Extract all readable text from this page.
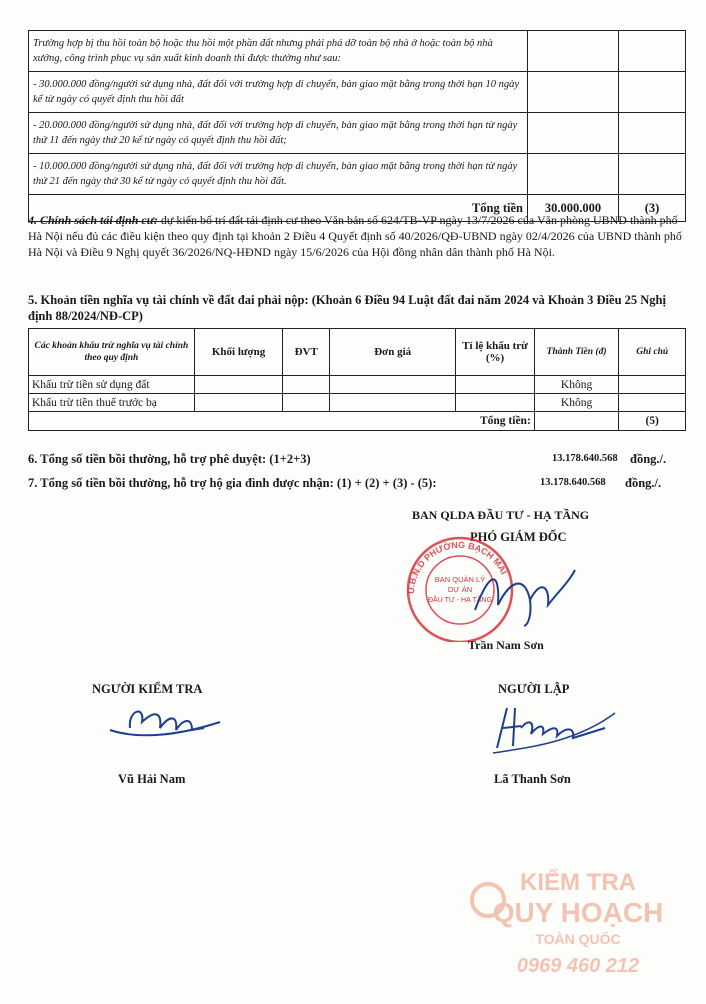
Trường hợp bị thu hồi toàn bộ hoặc thu hồi một phần đất nhưng phải phá dỡ toàn bộ nhà ở hoặc toàn bộ nhà xưởng, công trình phục vụ sản xuất kinh doanh thì được thưởng như sau:		
- 30.000.000 đồng/người sử dụng nhà, đất đối với trường hợp di chuyển, bàn giao mặt bằng trong thời hạn 10 ngày kể từ ngày có quyết định thu hồi đất		
- 20.000.000 đồng/người sử dụng nhà, đất đối với trường hợp di chuyển, bàn giao mặt bằng trong thời hạn từ ngày thứ 11 đến ngày thứ 20 kể từ ngày có quyết định thu hồi đất;		
- 10.000.000 đồng/người sử dụng nhà, đất đối với trường hợp di chuyển, bàn giao mặt bằng trong thời hạn từ ngày thứ 21 đến ngày thứ 30 kể từ ngày có quyết định thu hồi đất.		
Tổng tiền	30.000.000	(3)
4. Chính sách tái định cư: dự kiến bố trí đất tái định cư theo Văn bản số 624/TB-VP ngày 13/7/2026 của Văn phòng UBND thành phố Hà Nội nếu đủ các điều kiện theo quy định tại khoản 2 Điều 4 Quyết định số 40/2026/QĐ-UBND ngày 02/4/2026 của UBND thành phố Hà Nội và Điều 9 Nghị quyết 36/2026/NQ-HĐND ngày 15/6/2026 của Hội đồng nhân dân thành phố Hà Nội.
5. Khoản tiền nghĩa vụ tài chính về đất đai phải nộp: (Khoản 6 Điều 94 Luật đất đai năm 2024 và Khoản 3 Điều 25 Nghị định 88/2024/NĐ-CP)
Các khoản khấu trừ nghĩa vụ tài chính theo quy định	Khối lượng	ĐVT	Đơn giá	Tỉ lệ khấu trừ (%)	Thành Tiền (đ)	Ghi chú
Khấu trừ tiền sử dụng đất					Không	
Khấu trừ tiền thuế trước bạ					Không	
Tổng tiền:						(5)
6. Tổng số tiền bồi thường, hỗ trợ phê duyệt: (1+2+3)	13.178.640.568 đồng./.
7. Tổng số tiền bồi thường, hỗ trợ hộ gia đình được nhận: (1) + (2) + (3) - (5):	13.178.640.568 đồng./.
BAN QLDA ĐẦU TƯ - HẠ TẦNG
PHÓ GIÁM ĐỐC
U.B.N.D PHƯỜNG BẠCH MAI
BAN QUẢN LÝ
DỰ ÁN
ĐẦU TƯ - HẠ TẦNG
Trần Nam Sơn
NGƯỜI KIỂM TRA
Vũ Hải Nam
NGƯỜI LẬP
Lã Thanh Sơn
KIỂM TRA
QUY HOẠCH
TOÀN QUỐC
0969 460 212
